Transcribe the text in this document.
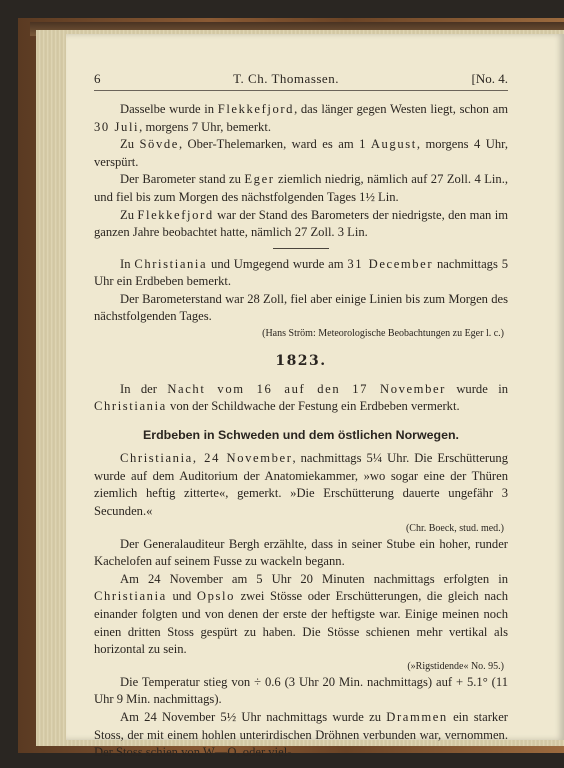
6	T. Ch. Thomassen.	[No. 4.

Dasselbe wurde in Flekkefjord, das länger gegen Westen liegt, schon am 30 Juli, morgens 7 Uhr, bemerkt.

Zu Sövde, Ober-Thelemarken, ward es am 1 August, morgens 4 Uhr, verspürt.

Der Barometer stand zu Eger ziemlich niedrig, nämlich auf 27 Zoll. 4 Lin., und fiel bis zum Morgen des nächstfolgenden Tages 1½ Lin.

Zu Flekkefjord war der Stand des Barometers der niedrigste, den man im ganzen Jahre beobachtet hatte, nämlich 27 Zoll. 3 Lin.

In Christiania und Umgegend wurde am 31 December nachmittags 5 Uhr ein Erdbeben bemerkt.

Der Barometerstand war 28 Zoll, fiel aber einige Linien bis zum Morgen des nächstfolgenden Tages.

(Hans Ström: Meteorologische Beobachtungen zu Eger l. c.)
1823.

In der Nacht vom 16 auf den 17 November wurde in Christiania von der Schildwache der Festung ein Erdbeben vermerkt.

Erdbeben in Schweden und dem östlichen Norwegen.

Christiania, 24 November, nachmittags 5¼ Uhr. Die Erschütterung wurde auf dem Auditorium der Anatomiekammer, »wo sogar eine der Thüren ziemlich heftig zitterte«, gemerkt. »Die Erschütterung dauerte ungefähr 3 Secunden.«

(Chr. Boeck, stud. med.)

Der Generalauditeur Bergh erzählte, dass in seiner Stube ein hoher, runder Kachelofen auf seinem Fusse zu wackeln begann.

Am 24 November am 5 Uhr 20 Minuten nachmittags erfolgten in Christiania und Opslo zwei Stösse oder Erschütterungen, die gleich nach einander folgten und von denen der erste der heftigste war. Einige meinen noch einen dritten Stoss gespürt zu haben. Die Stösse schienen mehr vertikal als horizontal zu sein.

(»Rigstidende« No. 95.)

Die Temperatur stieg von ÷ 0.6 (3 Uhr 20 Min. nachmittags) auf + 5.1° (11 Uhr 9 Min. nachmittags).

Am 24 November 5½ Uhr nachmittags wurde zu Drammen ein starker Stoss, der mit einem hohlen unterirdischen Dröhnen verbunden war, vernommen. Der Stoss schien von W—O, oder viel-
